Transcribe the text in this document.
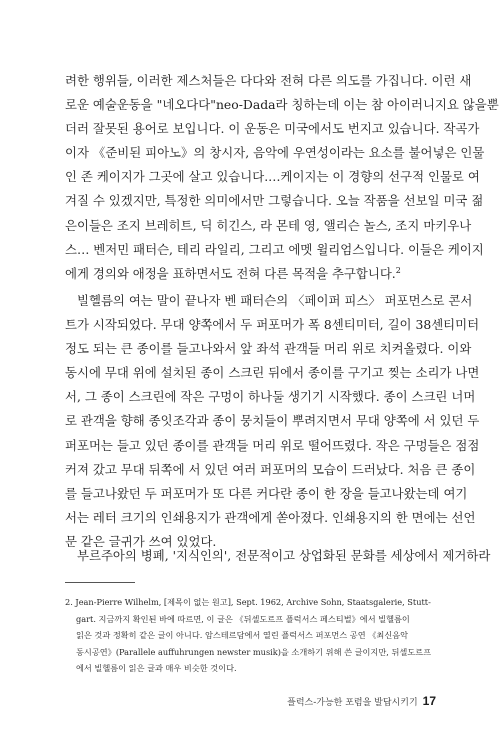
려한 행위들, 이러한 제스처들은 다다와 전혀 다른 의도를 가집니다. 이런 새
로운 예술운동을 "네오다다"neo-Dada라 칭하는데 이는 참 아이러니지요 않을뿐
더러 잘못된 용어로 보입니다. 이 운동은 미국에서도 번지고 있습니다. 작곡가
이자 《준비된 피아노》의 창시자, 음악에 우연성이라는 요소를 불어넣은 인물
인 존 케이지가 그곳에 살고 있습니다.…케이지는 이 경향의 선구적 인물로 여
겨질 수 있겠지만, 특정한 의미에서만 그렇습니다. 오늘 작품을 선보일 미국 젊
은이들은 조지 브레히트, 딕 히긴스, 라 몬테 영, 앨리슨 놀스, 조지 마키우나
스… 벤저민 패터슨, 테리 라일리, 그리고 에멧 윌리엄스입니다. 이들은 케이지
에게 경의와 애정을 표하면서도 전혀 다른 목적을 추구합니다.$^2$
빌헬름의 여는 말이 끝나자 벤 패터슨의 〈페이퍼 피스〉 퍼포먼스로 콘서
트가 시작되었다. 무대 양쪽에서 두 퍼포머가 폭 8센티미터, 길이 38센티미터
정도 되는 큰 종이를 들고나와서 앞 좌석 관객들 머리 위로 치켜올렸다. 이와
동시에 무대 위에 설치된 종이 스크린 뒤에서 종이를 구기고 찢는 소리가 나면
서, 그 종이 스크린에 작은 구멍이 하나둘 생기기 시작했다. 종이 스크린 너머
로 관객을 향해 종잇조각과 종이 뭉치들이 뿌려지면서 무대 양쪽에 서 있던 두
퍼포머는 들고 있던 종이를 관객들 머리 위로 떨어뜨렸다. 작은 구멍들은 점점
커져 갔고 무대 뒤쪽에 서 있던 여러 퍼포머의 모습이 드러났다. 처음 큰 종이
를 들고나왔던 두 퍼포머가 또 다른 커다란 종이 한 장을 들고나왔는데 여기
서는 레터 크기의 인쇄용지가 관객에게 쏟아졌다. 인쇄용지의 한 면에는 선언
문 같은 글귀가 쓰여 있었다.
부르주아의 병폐, '지식인의', 전문적이고 상업화된 문화를 세상에서 제거하라
2. Jean-Pierre Wilhelm, [제목이 없는 원고], Sept. 1962, Archive Sohn, Staatsgalerie, Stutt-
gart. 지금까지 확인된 바에 따르면, 이 글은 《뒤셀도르프 플럭서스 페스티벌》에서 빌헬름이
읽은 것과 정확히 같은 글이 아니다. 암스테르담에서 열린 플럭서스 퍼포먼스 공연 《최신음악
동시공연》(Parallele auffuhrungen newster musik)을 소개하기 위해 쓴 글이지만, 뒤셀도르프
에서 빌헬름이 읽은 글과 매우 비슷한 것이다.
플럭스-가능한 포럼을 발답시키기 17
